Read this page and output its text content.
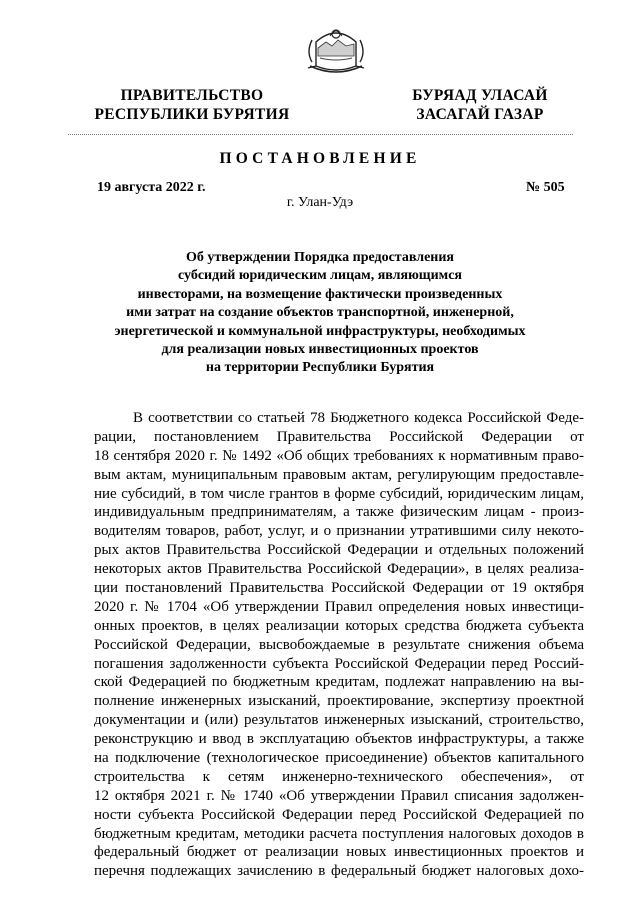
ПРАВИТЕЛЬСТВО
РЕСПУБЛИКИ БУРЯТИЯ
БУРЯАД УЛАСАЙ
ЗАСАГАЙ ГАЗАР
ПОСТАНОВЛЕНИЕ
19 августа 2022 г.	№ 505
г. Улан-Удэ
Об утверждении Порядка предоставления
субсидий юридическим лицам, являющимся
инвесторами, на возмещение фактически произведенных
ими затрат на создание объектов транспортной, инженерной,
энергетической и коммунальной инфраструктуры, необходимых
для реализации новых инвестиционных проектов
на территории Республики Бурятия
В соответствии со статьей 78 Бюджетного кодекса Российской Феде-
рации, постановлением Правительства Российской Федерации от
18 сентября 2020 г. № 1492 «Об общих требованиях к нормативным право-
вым актам, муниципальным правовым актам, регулирующим предоставле-
ние субсидий, в том числе грантов в форме субсидий, юридическим лицам,
индивидуальным предпринимателям, а также физическим лицам - произ-
водителям товаров, работ, услуг, и о признании утратившими силу некото-
рых актов Правительства Российской Федерации и отдельных положений
некоторых актов Правительства Российской Федерации», в целях реализа-
ции постановлений Правительства Российской Федерации от 19 октября
2020 г. № 1704 «Об утверждении Правил определения новых инвестици-
онных проектов, в целях реализации которых средства бюджета субъекта
Российской Федерации, высвобождаемые в результате снижения объема
погашения задолженности субъекта Российской Федерации перед Россий-
ской Федерацией по бюджетным кредитам, подлежат направлению на вы-
полнение инженерных изысканий, проектирование, экспертизу проектной
документации и (или) результатов инженерных изысканий, строительство,
реконструкцию и ввод в эксплуатацию объектов инфраструктуры, а также
на подключение (технологическое присоединение) объектов капитального
строительства к сетям инженерно-технического обеспечения», от
12 октября 2021 г. № 1740 «Об утверждении Правил списания задолжен-
ности субъекта Российской Федерации перед Российской Федерацией по
бюджетным кредитам, методики расчета поступления налоговых доходов в
федеральный бюджет от реализации новых инвестиционных проектов и
перечня подлежащих зачислению в федеральный бюджет налоговых дохо-
